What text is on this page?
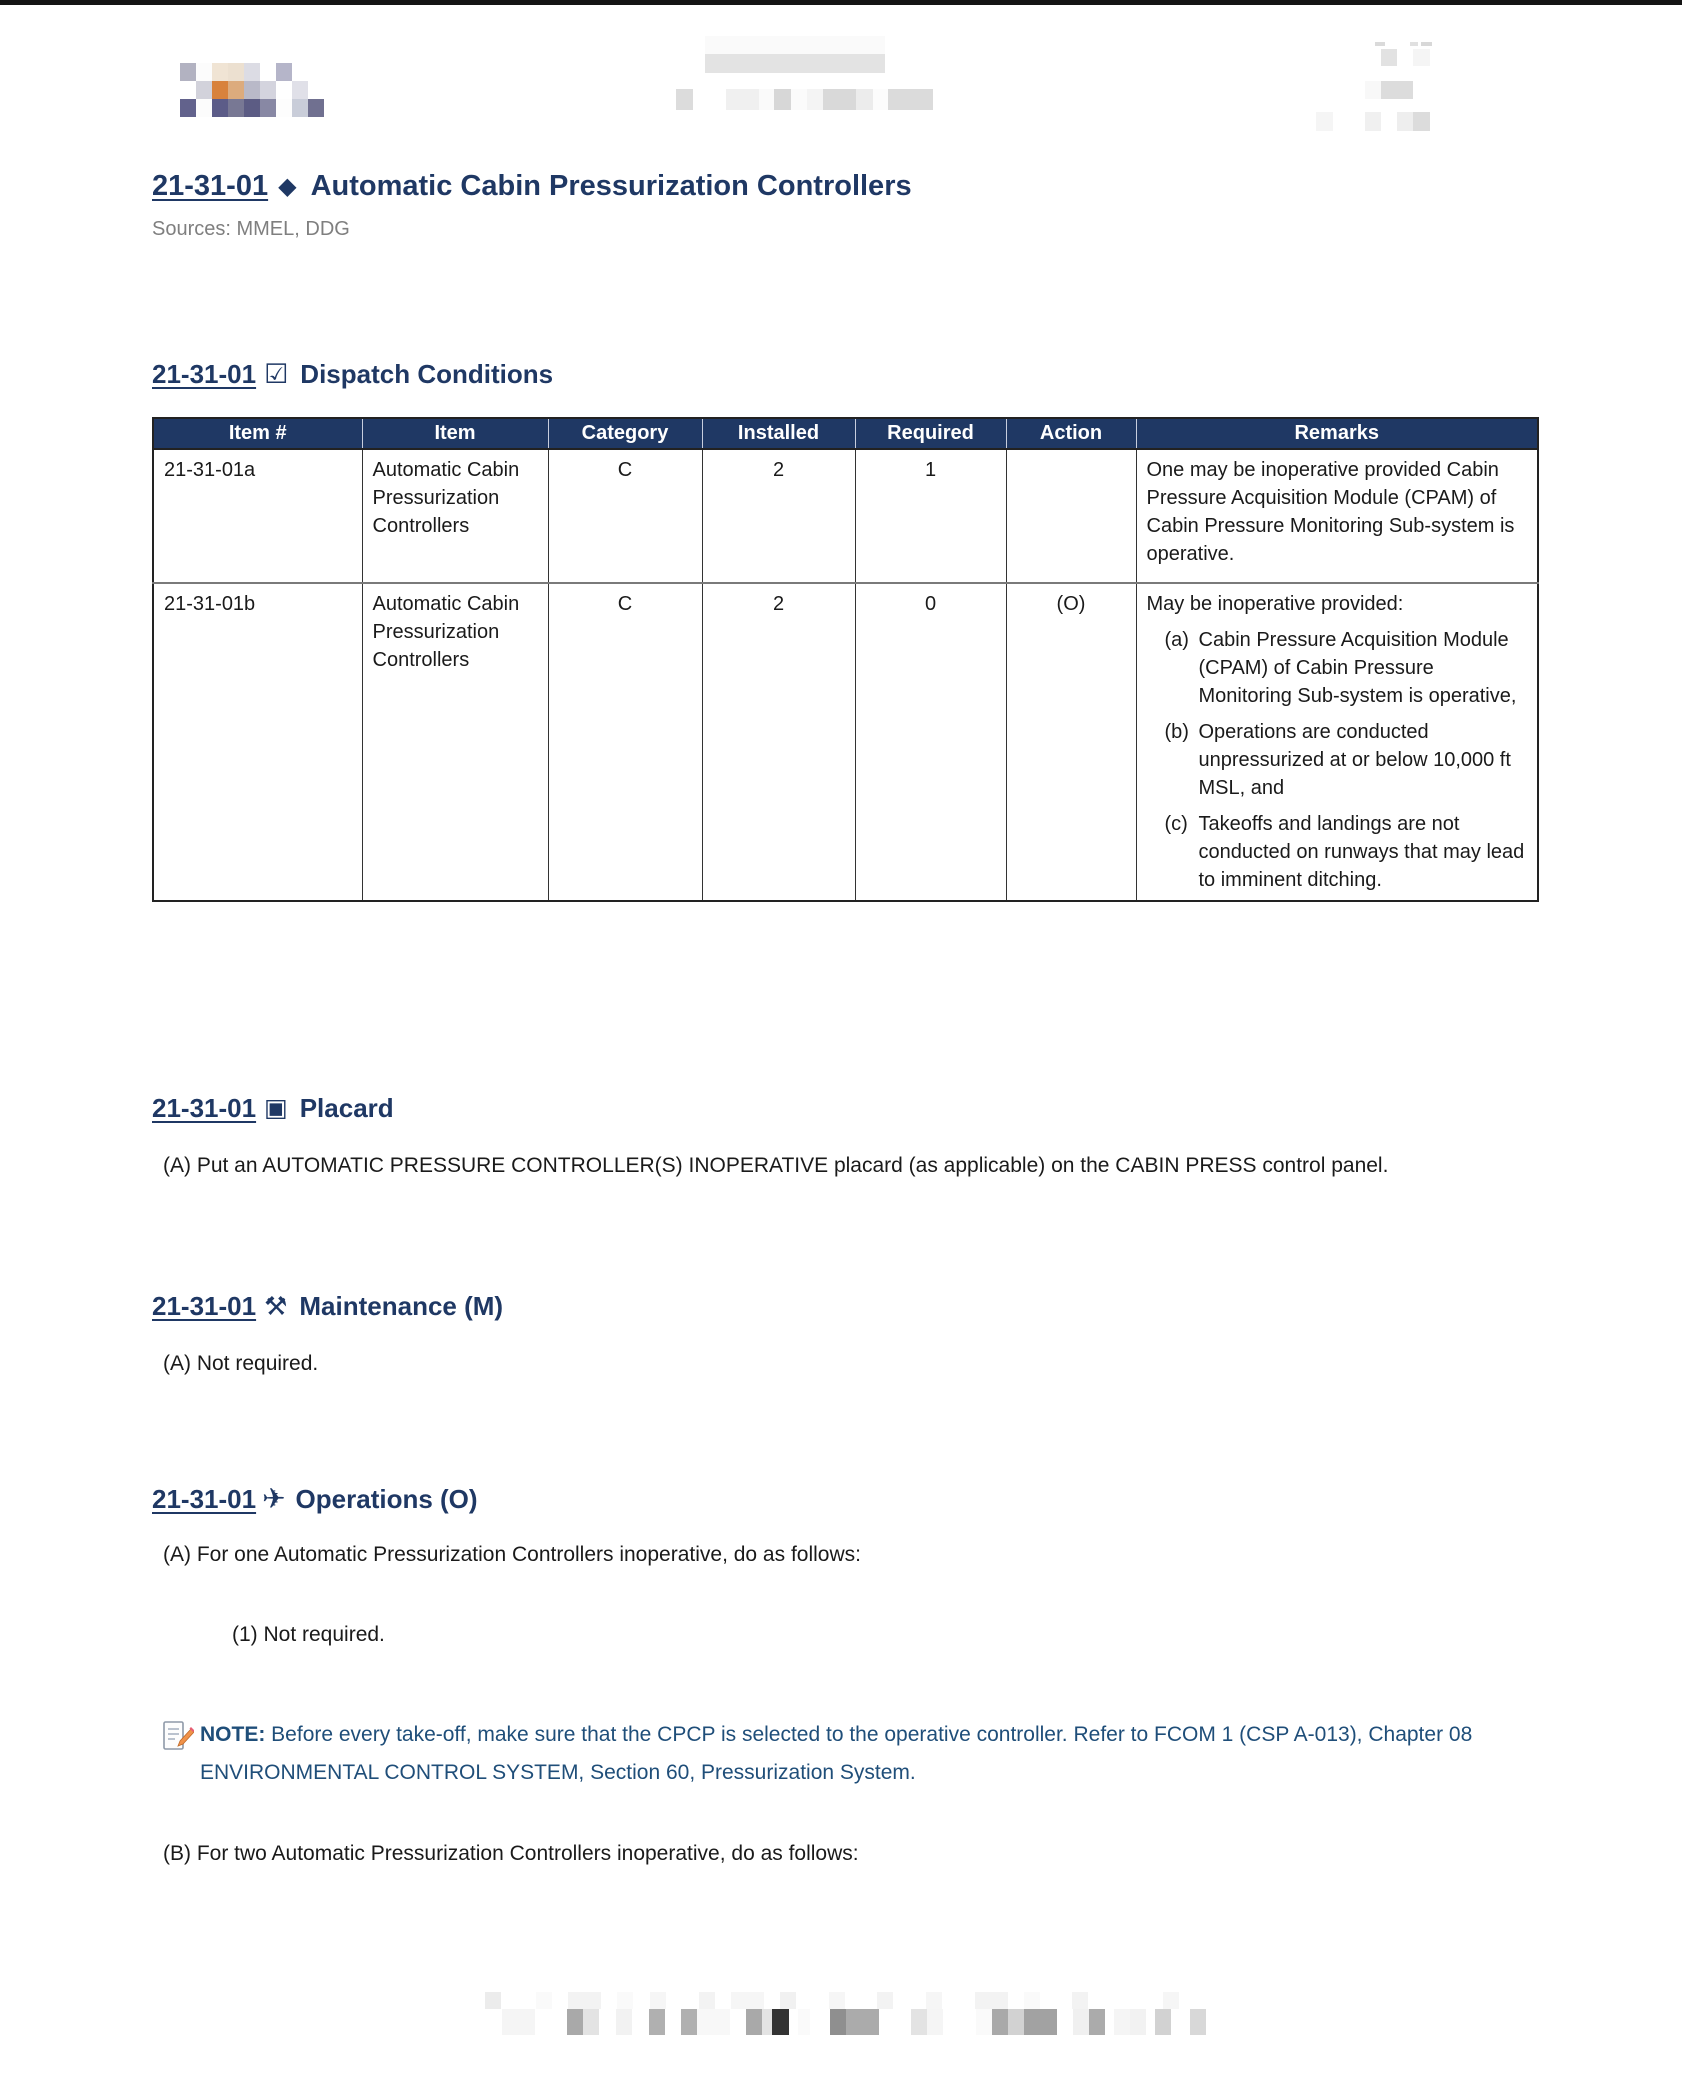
21-31-01 ◆ Automatic Cabin Pressurization Controllers
Sources: MMEL, DDG
21-31-01 ☑ Dispatch Conditions
Item #	Item	Category	Installed	Required	Action	Remarks
21-31-01a	Automatic Cabin Pressurization Controllers	C	2	1		One may be inoperative provided Cabin Pressure Acquisition Module (CPAM) of Cabin Pressure Monitoring Sub-system is operative.

21-31-01b	Automatic Cabin Pressurization Controllers	C	2	0	(O)	May be inoperative provided:
(a) Cabin Pressure Acquisition Module (CPAM) of Cabin Pressure Monitoring Sub-system is operative,
(b) Operations are conducted unpressurized at or below 10,000 ft MSL, and
(c) Takeoffs and landings are not conducted on runways that may lead to imminent ditching.
21-31-01 ▣ Placard
(A) Put an AUTOMATIC PRESSURE CONTROLLER(S) INOPERATIVE placard (as applicable) on the CABIN PRESS control panel.
21-31-01 ⚒ Maintenance (M)
(A) Not required.
21-31-01 ✈ Operations (O)
(A) For one Automatic Pressurization Controllers inoperative, do as follows:
(1) Not required.
NOTE: Before every take-off, make sure that the CPCP is selected to the operative controller. Refer to FCOM 1 (CSP A-013), Chapter 08 ENVIRONMENTAL CONTROL SYSTEM, Section 60, Pressurization System.
(B) For two Automatic Pressurization Controllers inoperative, do as follows:
